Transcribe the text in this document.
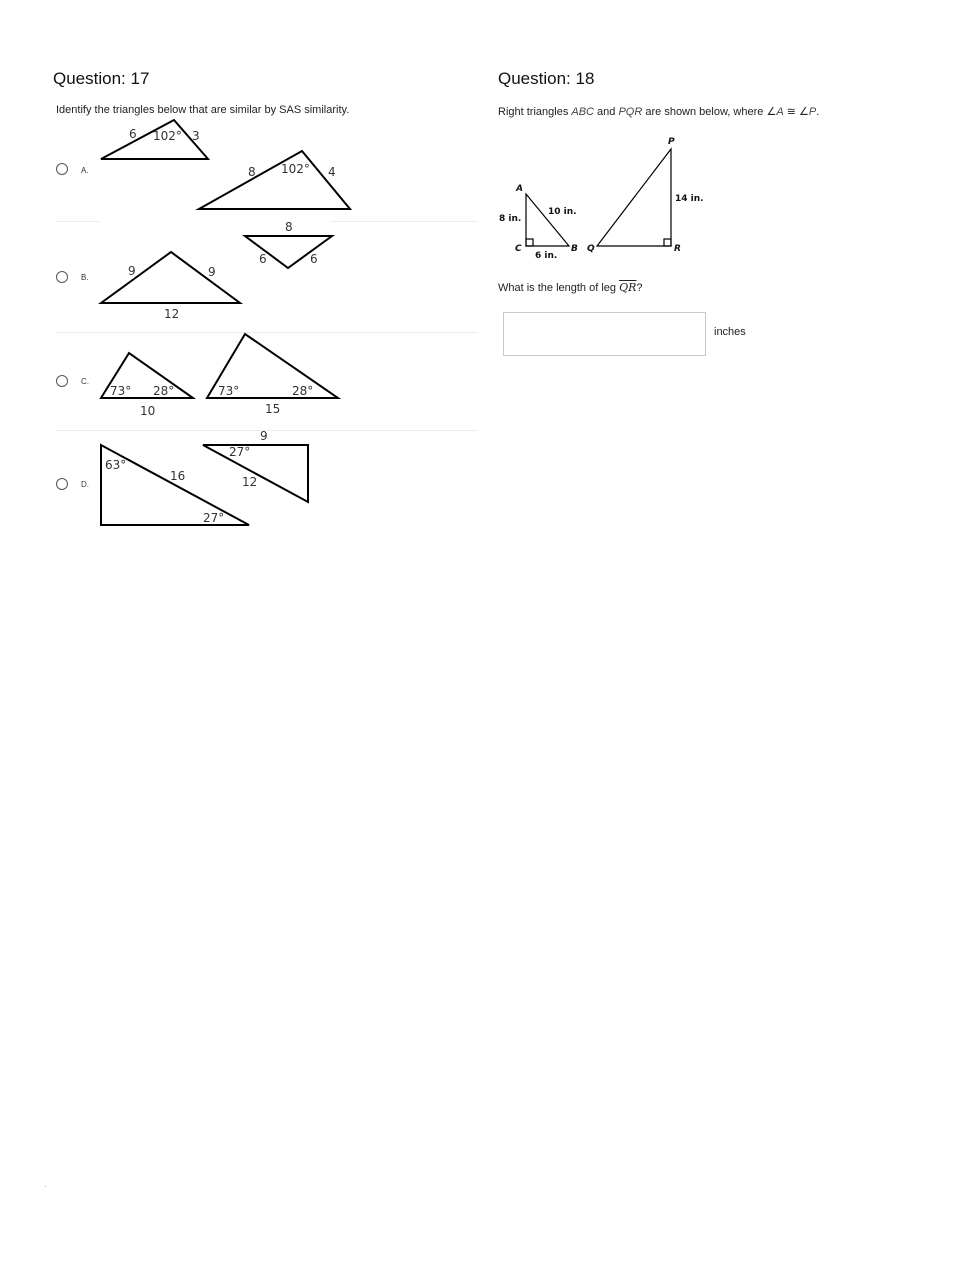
Question: 17

Identify the triangles below that are similar by SAS similarity.

A.
B.
C.
D.
6 102° 3
8 102° 4
9	9
12
8
6	6
73° 28°
10
73°	28°
15
63°
16
27°
9
27°
12
Question: 18

Right triangles ABC and PQR are shown below, where ∠A ≅ ∠P.

A
C	B
P
Q	R
8 in.
10 in.
6 in.
14 in.

What is the length of leg $\overline{QR}$?

inches
